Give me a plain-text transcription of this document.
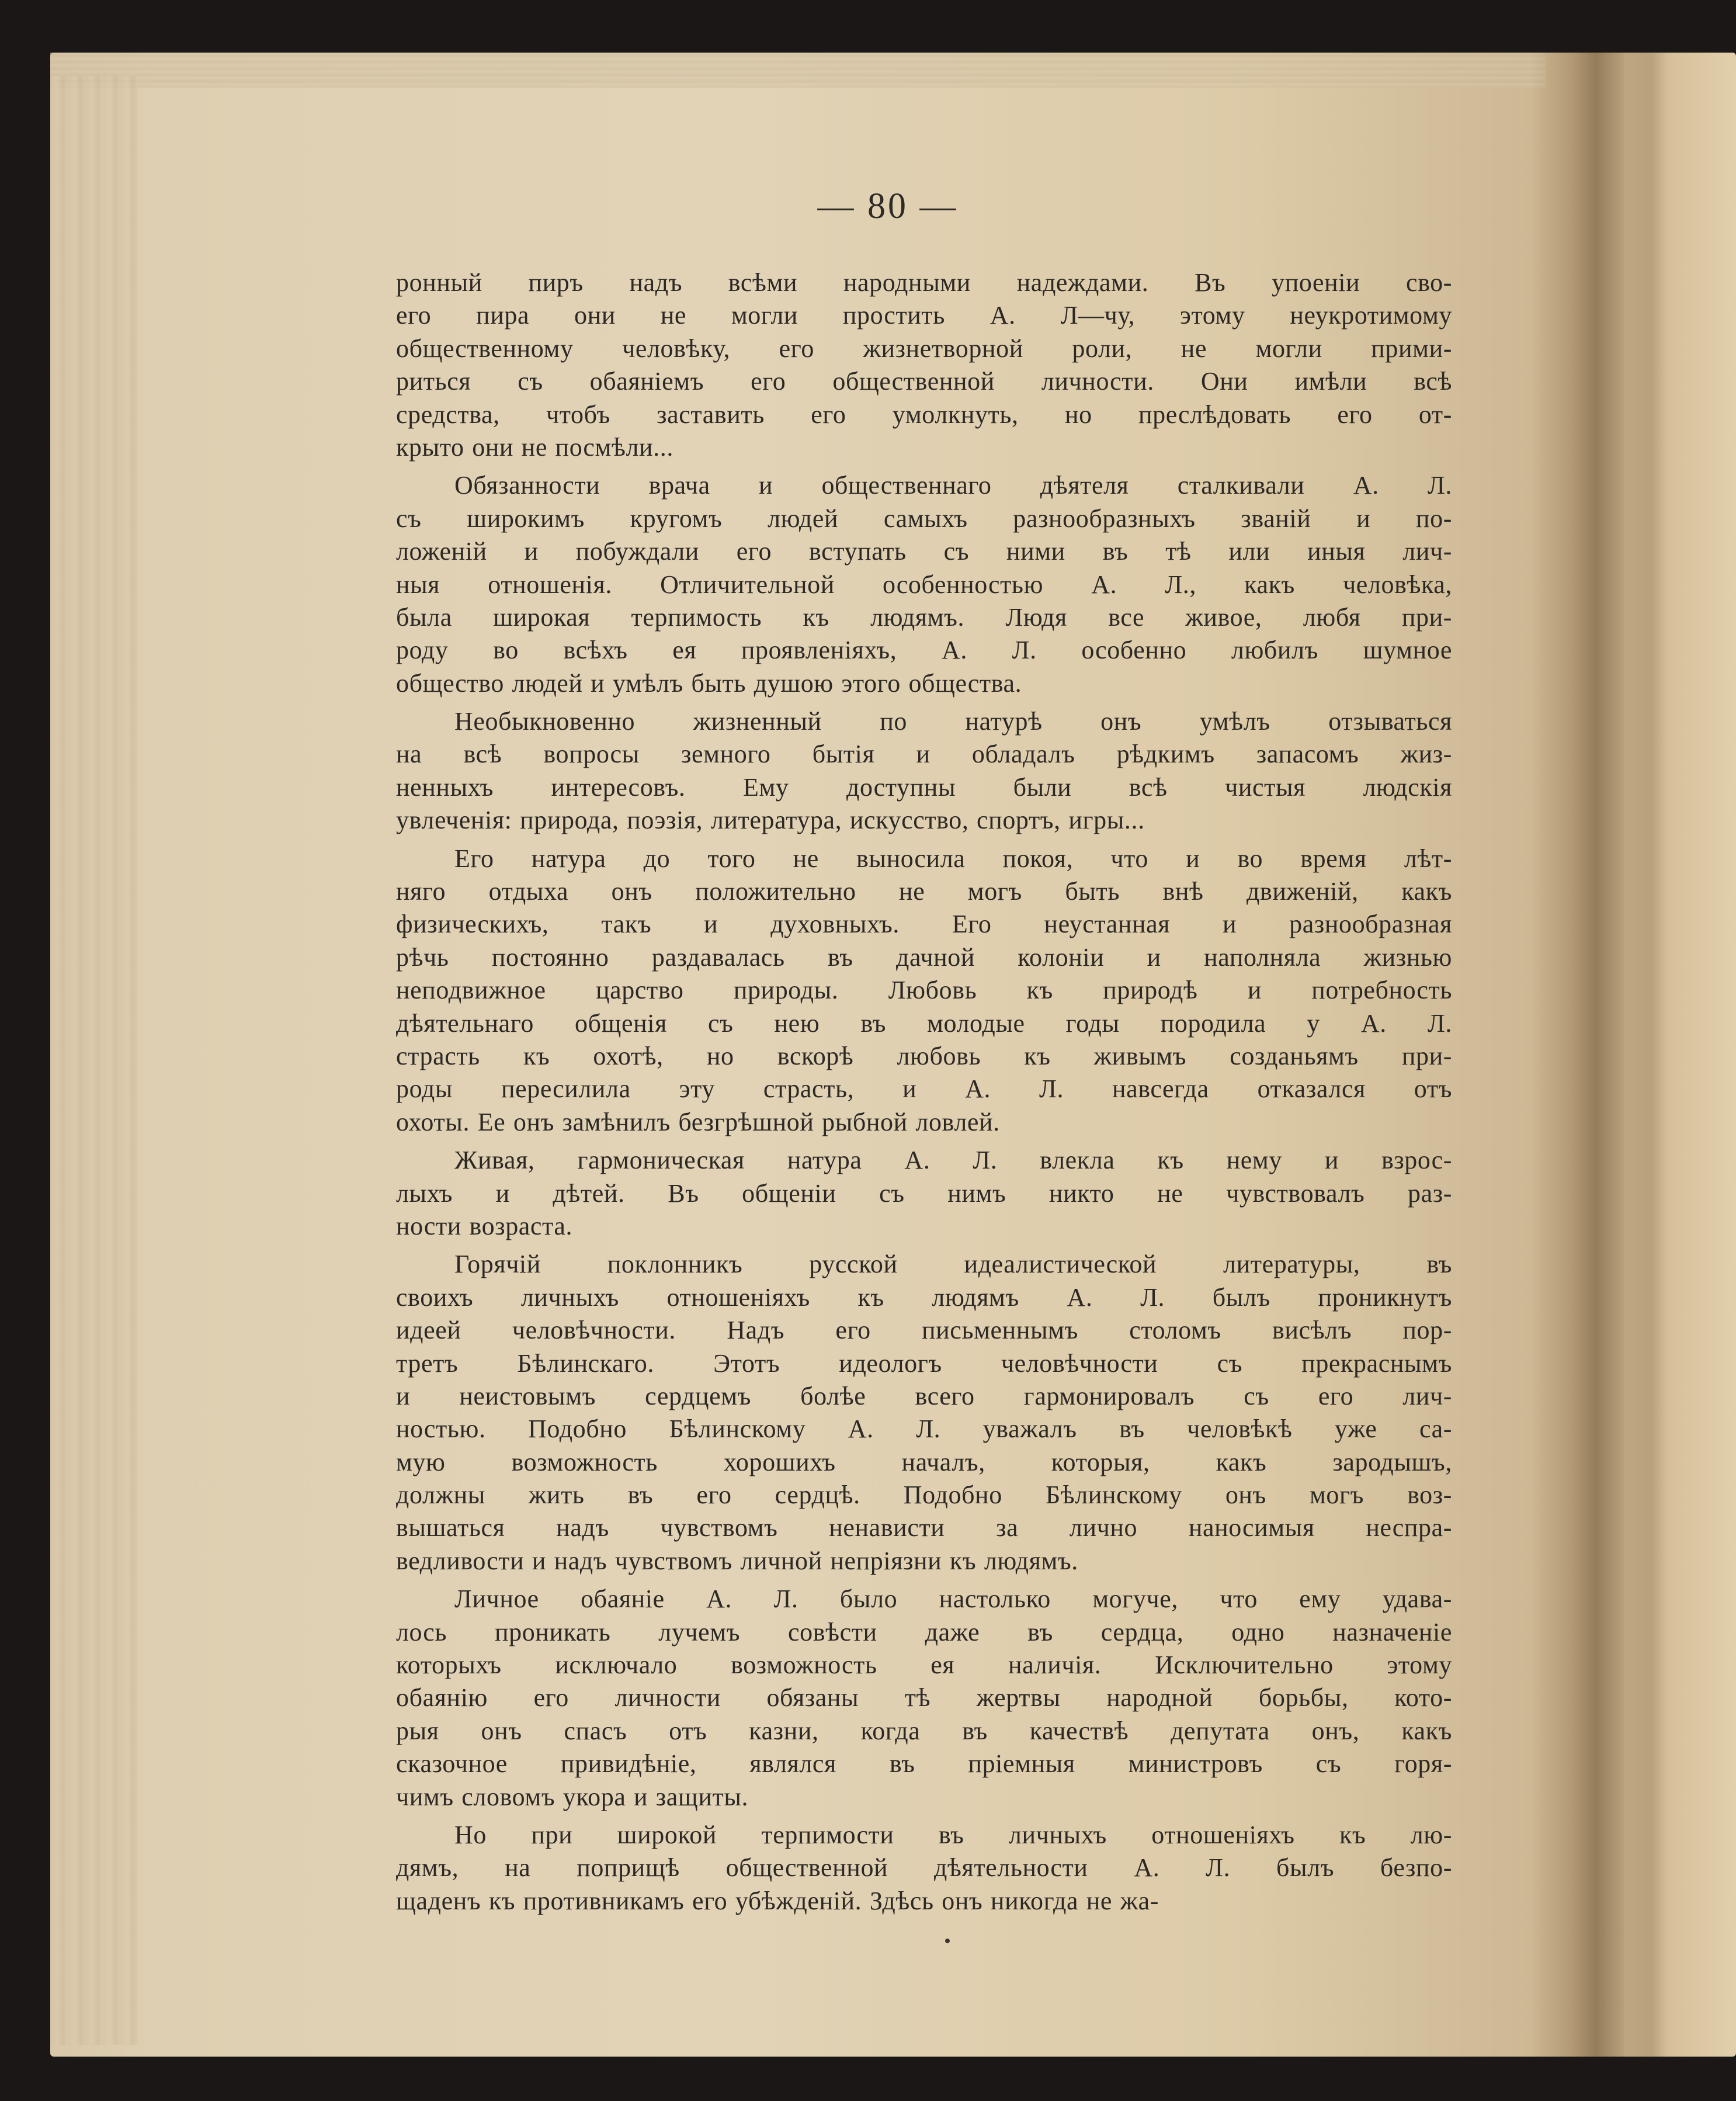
— 80 —
ронный пиръ надъ всѣми народными надеждами. Въ упоеніи сво-
его пира они не могли простить А. Л—чу, этому неукротимому
общественному человѣку, его жизнетворной роли, не могли прими-
риться съ обаяніемъ его общественной личности. Они имѣли всѣ
средства, чтобъ заставить его умолкнуть, но преслѣдовать его от-
крыто они не посмѣли...
Обязанности врача и общественнаго дѣятеля сталкивали А. Л.
съ широкимъ кругомъ людей самыхъ разнообразныхъ званій и по-
ложеній и побуждали его вступать съ ними въ тѣ или иныя лич-
ныя отношенія. Отличительной особенностью А. Л., какъ человѣка,
была широкая терпимость къ людямъ. Людя все живое, любя при-
роду во всѣхъ ея проявленіяхъ, А. Л. особенно любилъ шумное
общество людей и умѣлъ быть душою этого общества.
Необыкновенно жизненный по натурѣ онъ умѣлъ отзываться
на всѣ вопросы земного бытія и обладалъ рѣдкимъ запасомъ жиз-
ненныхъ интересовъ. Ему доступны были всѣ чистыя людскія
увлеченія: природа, поэзія, литература, искусство, спортъ, игры...
Его натура до того не выносила покоя, что и во время лѣт-
няго отдыха онъ положительно не могъ быть внѣ движеній, какъ
физическихъ, такъ и духовныхъ. Его неустанная и разнообразная
рѣчь постоянно раздавалась въ дачной колоніи и наполняла жизнью
неподвижное царство природы. Любовь къ природѣ и потребность
дѣятельнаго общенія съ нею въ молодые годы породила у А. Л.
страсть къ охотѣ, но вскорѣ любовь къ живымъ созданьямъ при-
роды пересилила эту страсть, и А. Л. навсегда отказался отъ
охоты. Ее онъ замѣнилъ безгрѣшной рыбной ловлей.
Живая, гармоническая натура А. Л. влекла къ нему и взрос-
лыхъ и дѣтей. Въ общеніи съ нимъ никто не чувствовалъ раз-
ности возраста.
Горячій поклонникъ русской идеалистической литературы, въ
своихъ личныхъ отношеніяхъ къ людямъ А. Л. былъ проникнутъ
идеей человѣчности. Надъ его письменнымъ столомъ висѣлъ пор-
третъ Бѣлинскаго. Этотъ идеологъ человѣчности съ прекраснымъ
и неистовымъ сердцемъ болѣе всего гармонировалъ съ его лич-
ностью. Подобно Бѣлинскому А. Л. уважалъ въ человѣкѣ уже са-
мую возможность хорошихъ началъ, которыя, какъ зародышъ,
должны жить въ его сердцѣ. Подобно Бѣлинскому онъ могъ воз-
вышаться надъ чувствомъ ненависти за лично наносимыя неспра-
ведливости и надъ чувствомъ личной непріязни къ людямъ.
Личное обаяніе А. Л. было настолько могуче, что ему удава-
лось проникать лучемъ совѣсти даже въ сердца, одно назначеніе
которыхъ исключало возможность ея наличія. Исключительно этому
обаянію его личности обязаны тѣ жертвы народной борьбы, кото-
рыя онъ спасъ отъ казни, когда въ качествѣ депутата онъ, какъ
сказочное привидѣніе, являлся въ пріемныя министровъ съ горя-
чимъ словомъ укора и защиты.
Но при широкой терпимости въ личныхъ отношеніяхъ къ лю-
дямъ, на поприщѣ общественной дѣятельности А. Л. былъ безпо-
щаденъ къ противникамъ его убѣжденій. Здѣсь онъ никогда не жа-
